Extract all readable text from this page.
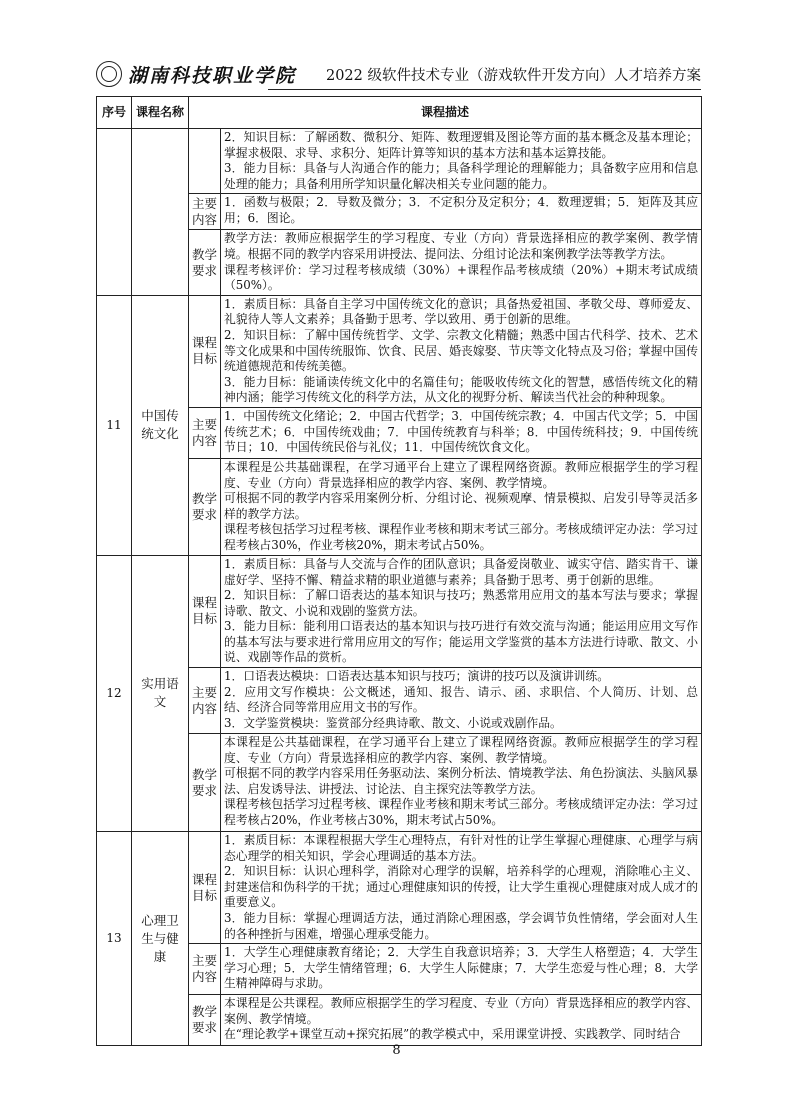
湖南科技职业学院 2022 级软件技术专业（游戏软件开发方向）人才培养方案
序号	课程名称	课程描述	

			2．知识目标：了解函数、微积分、矩阵、数理逻辑及图论等方面的基本概念及基本理论；掌握求极限、求导、求积分、矩阵计算等知识的基本方法和基本运算技能。

3．能力目标：具备与人沟通合作的能力；具备科学理论的理解能力；具备数字应用和信息处理的能力；具备利用所学知识量化解决相关专业问题的能力。

		主要内容	1．函数与极限；2．导数及微分；3．不定积分及定积分；4．数理逻辑；5．矩阵及其应用；6．图论。

		教学要求	教学方法：教师应根据学生的学习程度、专业（方向）背景选择相应的教学案例、教学情境。根据不同的教学内容采用讲授法、提问法、分组讨论法和案例教学法等教学方法。

课程考核评价：学习过程考核成绩（30%）+课程作品考核成绩（20%）+期末考试成绩（50%）。

11	中国传统文化	课程目标	1．素质目标：具备自主学习中国传统文化的意识；具备热爱祖国、孝敬父母、尊师爱友、礼貌待人等人文素养；具备勤于思考、学以致用、勇于创新的思维。

2．知识目标：了解中国传统哲学、文学、宗教文化精髓；熟悉中国古代科学、技术、艺术等文化成果和中国传统服饰、饮食、民居、婚丧嫁娶、节庆等文化特点及习俗；掌握中国传统道德规范和传统美德。

3．能力目标：能诵读传统文化中的名篇佳句；能吸收传统文化的智慧，感悟传统文化的精神内涵；能学习传统文化的科学方法，从文化的视野分析、解读当代社会的种种现象。

		主要内容	1．中国传统文化绪论；2．中国古代哲学；3．中国传统宗教；4．中国古代文学；5．中国传统艺术；6．中国传统戏曲；7．中国传统教育与科举；8．中国传统科技；9．中国传统节日；10．中国传统民俗与礼仪；11．中国传统饮食文化。

		教学要求	本课程是公共基础课程，在学习通平台上建立了课程网络资源。教师应根据学生的学习程度、专业（方向）背景选择相应的教学内容、案例、教学情境。

可根据不同的教学内容采用案例分析、分组讨论、视频观摩、情景模拟、启发引导等灵活多样的教学方法。

课程考核包括学习过程考核、课程作业考核和期末考试三部分。考核成绩评定办法：学习过程考核占30%，作业考核20%，期末考试占50%。

12	实用语文	课程目标	1．素质目标：具备与人交流与合作的团队意识；具备爱岗敬业、诚实守信、踏实肯干、谦虚好学、坚持不懈、精益求精的职业道德与素养；具备勤于思考、勇于创新的思维。

2．知识目标：了解口语表达的基本知识与技巧；熟悉常用应用文的基本写法与要求；掌握诗歌、散文、小说和戏剧的鉴赏方法。

3．能力目标：能利用口语表达的基本知识与技巧进行有效交流与沟通；能运用应用文写作的基本写法与要求进行常用应用文的写作；能运用文学鉴赏的基本方法进行诗歌、散文、小说、戏剧等作品的赏析。

		主要内容	1．口语表达模块：口语表达基本知识与技巧；演讲的技巧以及演讲训练。

2．应用文写作模块：公文概述，通知、报告、请示、函、求职信、个人简历、计划、总结、经济合同等常用应用文书的写作。

3．文学鉴赏模块：鉴赏部分经典诗歌、散文、小说或戏剧作品。

		教学要求	本课程是公共基础课程，在学习通平台上建立了课程网络资源。教师应根据学生的学习程度、专业（方向）背景选择相应的教学内容、案例、教学情境。

可根据不同的教学内容采用任务驱动法、案例分析法、情境教学法、角色扮演法、头脑风暴法、启发诱导法、讲授法、讨论法、自主探究法等教学方法。

课程考核包括学习过程考核、课程作业考核和期末考试三部分。考核成绩评定办法：学习过程考核占20%，作业考核占30%，期末考试占50%。

13	心理卫生与健康	课程目标	1．素质目标：本课程根据大学生心理特点，有针对性的让学生掌握心理健康、心理学与病态心理学的相关知识，学会心理调适的基本方法。

2．知识目标：认识心理科学，消除对心理学的误解，培养科学的心理观，消除唯心主义、封建迷信和伪科学的干扰；通过心理健康知识的传授，让大学生重视心理健康对成人成才的重要意义。

3．能力目标：掌握心理调适方法，通过消除心理困惑，学会调节负性情绪，学会面对人生的各种挫折与困难，增强心理承受能力。

		主要内容	1．大学生心理健康教育绪论；2．大学生自我意识培养；3．大学生人格塑造；4．大学生学习心理；5．大学生情绪管理；6．大学生人际健康；7．大学生恋爱与性心理；8．大学生精神障碍与求助。

		教学要求	本课程是公共课程。教师应根据学生的学习程度、专业（方向）背景选择相应的教学内容、案例、教学情境。

在“理论教学+课堂互动+探究拓展”的教学模式中，采用课堂讲授、实践教学、同时结合

8
